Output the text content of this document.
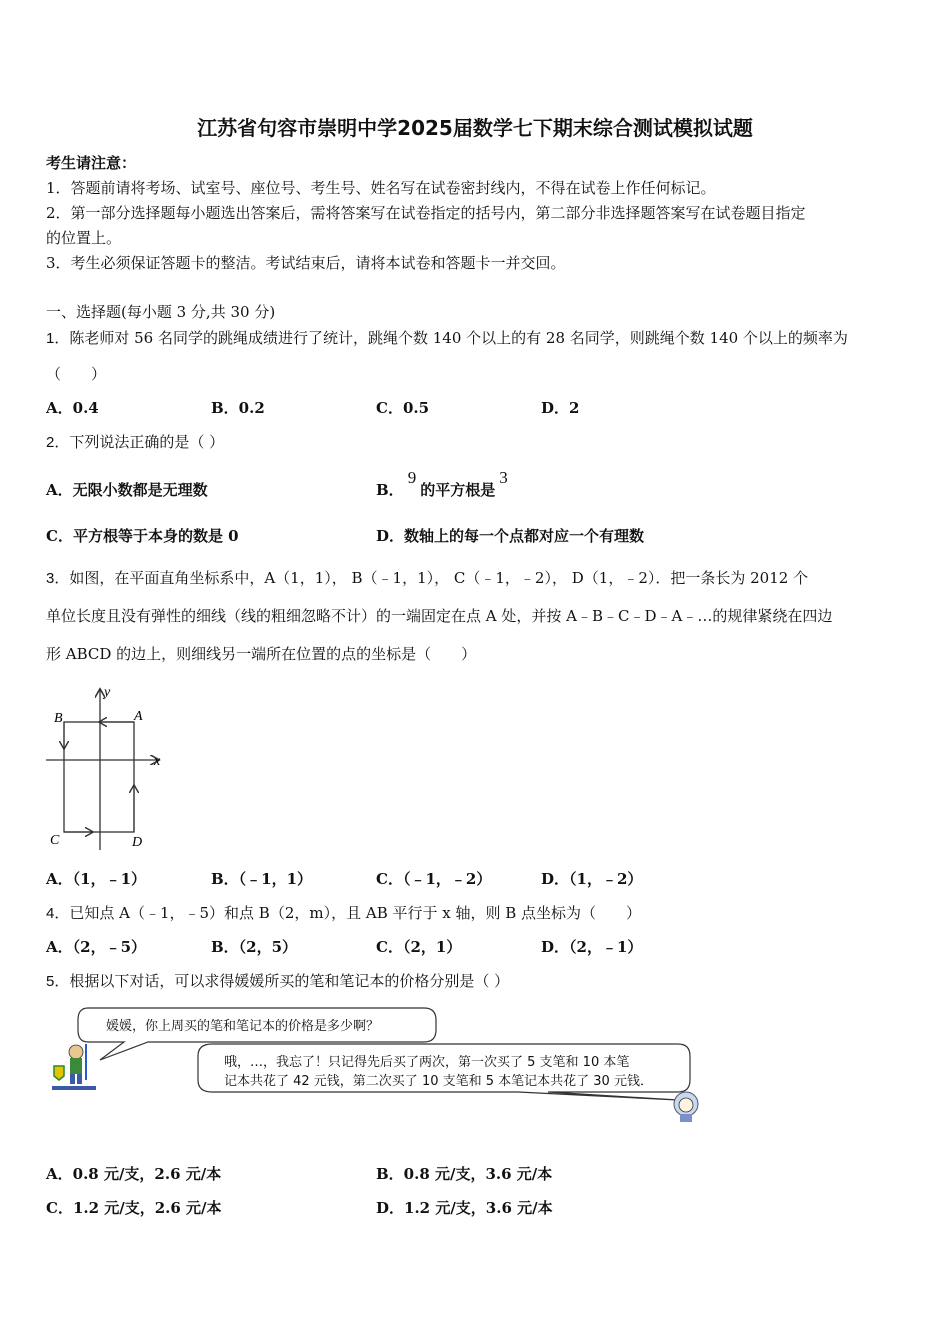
江苏省句容市崇明中学2025届数学七下期末综合测试模拟试题
考生请注意：
1．答题前请将考场、试室号、座位号、考生号、姓名写在试卷密封线内，不得在试卷上作任何标记。
2．第一部分选择题每小题选出答案后，需将答案写在试卷指定的括号内，第二部分非选择题答案写在试卷题目指定
的位置上。
3．考生必须保证答题卡的整洁。考试结束后，请将本试卷和答题卡一并交回。
一、选择题(每小题 3 分,共 30 分)
1．陈老师对 56 名同学的跳绳成绩进行了统计，跳绳个数 140 个以上的有 28 名同学，则跳绳个数 140 个以上的频率为
（　　）
A．0.4	B．0.2	C．0.5	D．2
2．下列说法正确的是（ ）
A．无限小数都是无理数	B．9的平方根是3
C．平方根等于本身的数是 0	D．数轴上的每一个点都对应一个有理数
3．如图，在平面直角坐标系中，A（1，1）， B（﹣1，1）， C（﹣1，﹣2）， D（1，﹣2）．把一条长为 2012 个
单位长度且没有弹性的细线（线的粗细忽略不计）的一端固定在点 A 处，并按 A﹣B﹣C﹣D﹣A﹣…的规律紧绕在四边
形 ABCD 的边上，则细线另一端所在位置的点的坐标是（　　）
y
x
B	A
C	D
A．（1，﹣1）	B．（﹣1，1）	C．（﹣1，﹣2）	D．（1，﹣2）
4．已知点 A（﹣1，﹣5）和点 B（2，m），且 AB 平行于 x 轴，则 B 点坐标为（　　）
A．（2，﹣5）	B．（2，5）	C．（2，1）	D．（2，﹣1）
5．根据以下对话，可以求得媛媛所买的笔和笔记本的价格分别是（ ）
媛媛，你上周买的笔和笔记本的价格是多少啊？
哦，…，我忘了！只记得先后买了两次，第一次买了 5 支笔和 10 本笔
记本共花了 42 元钱，第二次买了 10 支笔和 5 本笔记本共花了 30 元钱．
A．0.8 元/支，2.6 元/本	B．0.8 元/支，3.6 元/本
C．1.2 元/支，2.6 元/本	D．1.2 元/支，3.6 元/本
